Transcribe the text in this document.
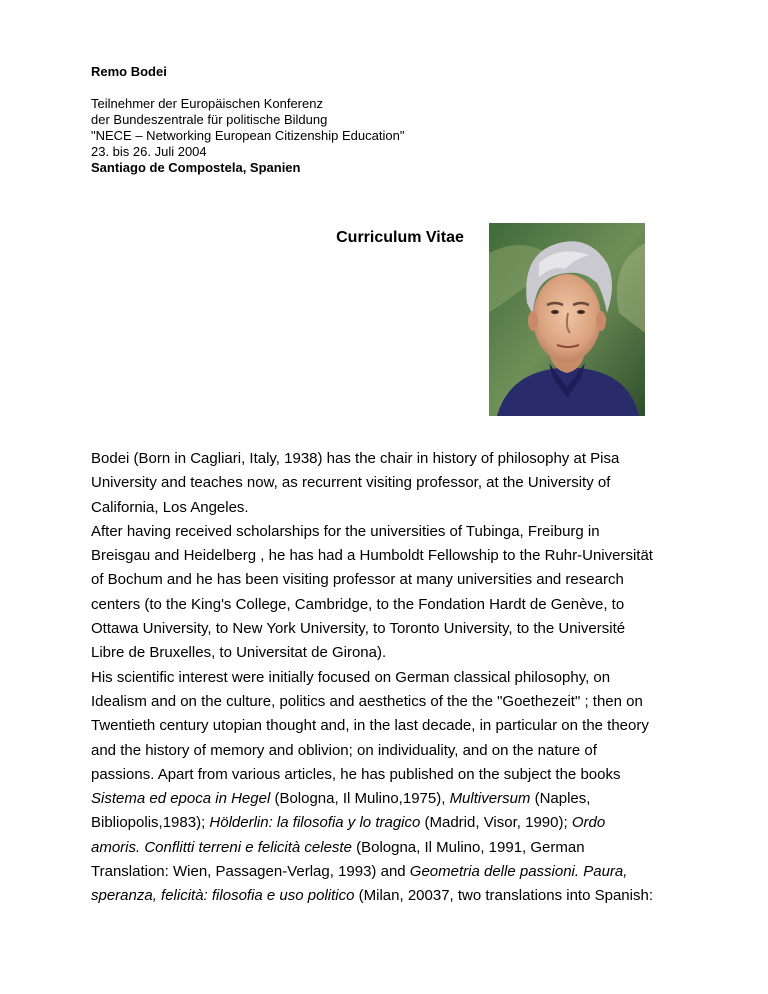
Remo Bodei
Teilnehmer der Europäischen Konferenz
der Bundeszentrale für politische Bildung
"NECE – Networking European Citizenship Education"
23. bis 26. Juli 2004
Santiago de Compostela, Spanien
Curriculum Vitae
Bodei (Born in Cagliari, Italy, 1938) has the chair in history of philosophy at Pisa
University and teaches now, as recurrent visiting professor, at the University of
California, Los Angeles.
After having received scholarships for the universities of Tubinga, Freiburg in
Breisgau and Heidelberg , he has had a Humboldt Fellowship to the Ruhr-Universität
of Bochum and he has been visiting professor at many universities and research
centers (to the King's College, Cambridge, to the Fondation Hardt de Genève, to
Ottawa University, to New York University, to Toronto University, to the Université
Libre de Bruxelles, to Universitat de Girona).
His scientific interest were initially focused on German classical philosophy, on
Idealism and on the culture, politics and aesthetics of the the "Goethezeit" ; then on
Twentieth century utopian thought and, in the last decade, in particular on the theory
and the history of memory and oblivion; on individuality, and on the nature of
passions. Apart from various articles, he has published on the subject the books
Sistema ed epoca in Hegel (Bologna, Il Mulino,1975), Multiversum (Naples,
Bibliopolis,1983); Hölderlin: la filosofia y lo tragico (Madrid, Visor, 1990); Ordo
amoris. Conflitti terreni e felicità celeste (Bologna, Il Mulino, 1991, German
Translation: Wien, Passagen-Verlag, 1993) and Geometria delle passioni. Paura,
speranza, felicità: filosofia e uso politico (Milan, 20037, two translations into Spanish:
